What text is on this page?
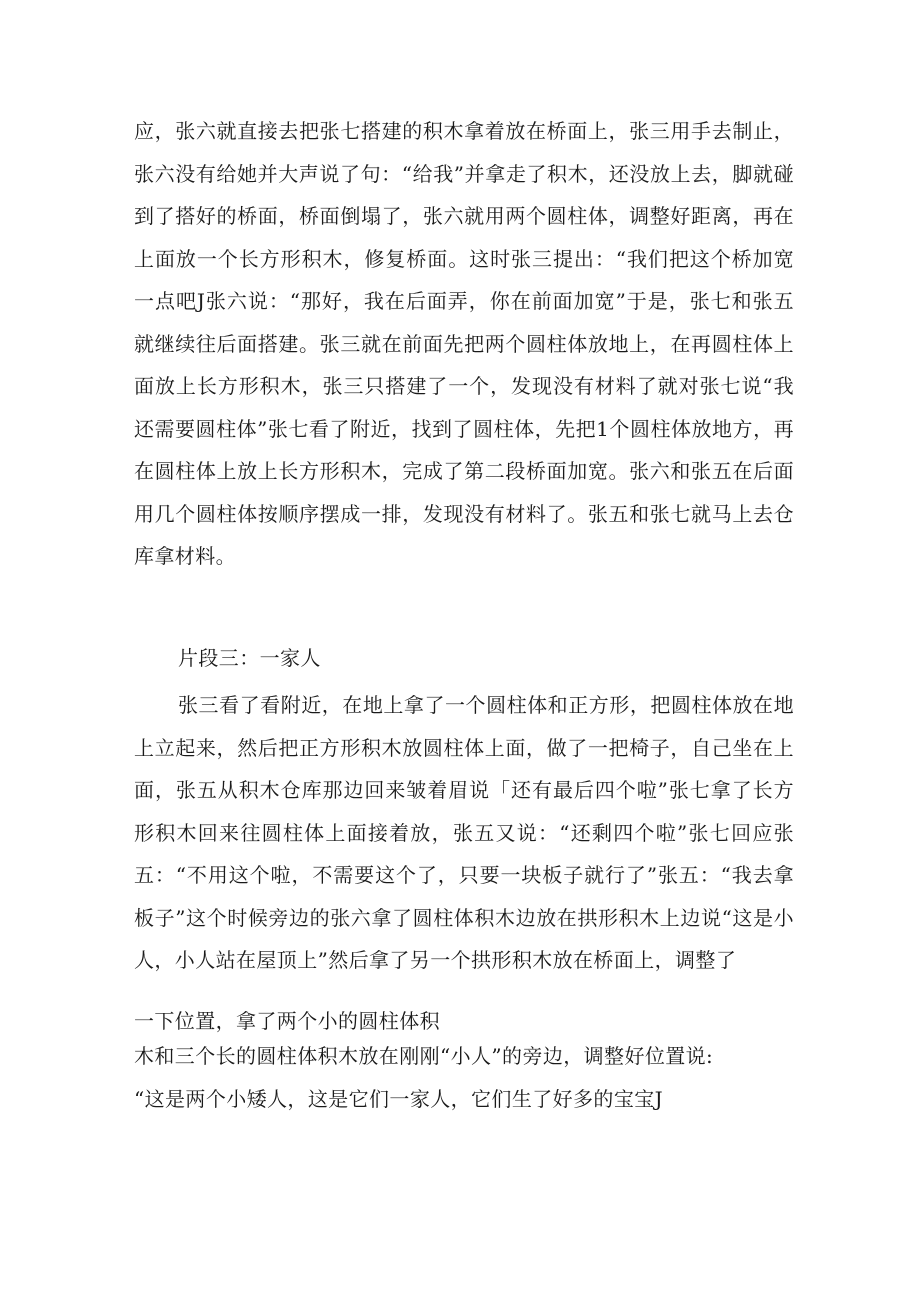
应，张六就直接去把张七搭建的积木拿着放在桥面上，张三用手去制止，张六没有给她并大声说了句：“给我”并拿走了积木，还没放上去，脚就碰到了搭好的桥面，桥面倒塌了，张六就用两个圆柱体，调整好距离，再在上面放一个长方形积木，修复桥面。这时张三提出：“我们把这个桥加宽一点吧J张六说：“那好，我在后面弄，你在前面加宽”于是，张七和张五就继续往后面搭建。张三就在前面先把两个圆柱体放地上，在再圆柱体上面放上长方形积木，张三只搭建了一个，发现没有材料了就对张七说“我还需要圆柱体”张七看了附近，找到了圆柱体，先把1个圆柱体放地方，再在圆柱体上放上长方形积木，完成了第二段桥面加宽。张六和张五在后面用几个圆柱体按顺序摆成一排，发现没有材料了。张五和张七就马上去仓库拿材料。

片段三：一家人

张三看了看附近，在地上拿了一个圆柱体和正方形，把圆柱体放在地上立起来，然后把正方形积木放圆柱体上面，做了一把椅子，自己坐在上面，张五从积木仓库那边回来皱着眉说「还有最后四个啦”张七拿了长方形积木回来往圆柱体上面接着放，张五又说：“还剩四个啦”张七回应张五：“不用这个啦，不需要这个了，只要一块板子就行了”张五：“我去拿板子”这个时候旁边的张六拿了圆柱体积木边放在拱形积木上边说“这是小人，小人站在屋顶上”然后拿了另一个拱形积木放在桥面上，调整了

一下位置，拿了两个小的圆柱体积

木和三个长的圆柱体积木放在刚刚“小人”的旁边，调整好位置说:

“这是两个小矮人，这是它们一家人，它们生了好多的宝宝J
